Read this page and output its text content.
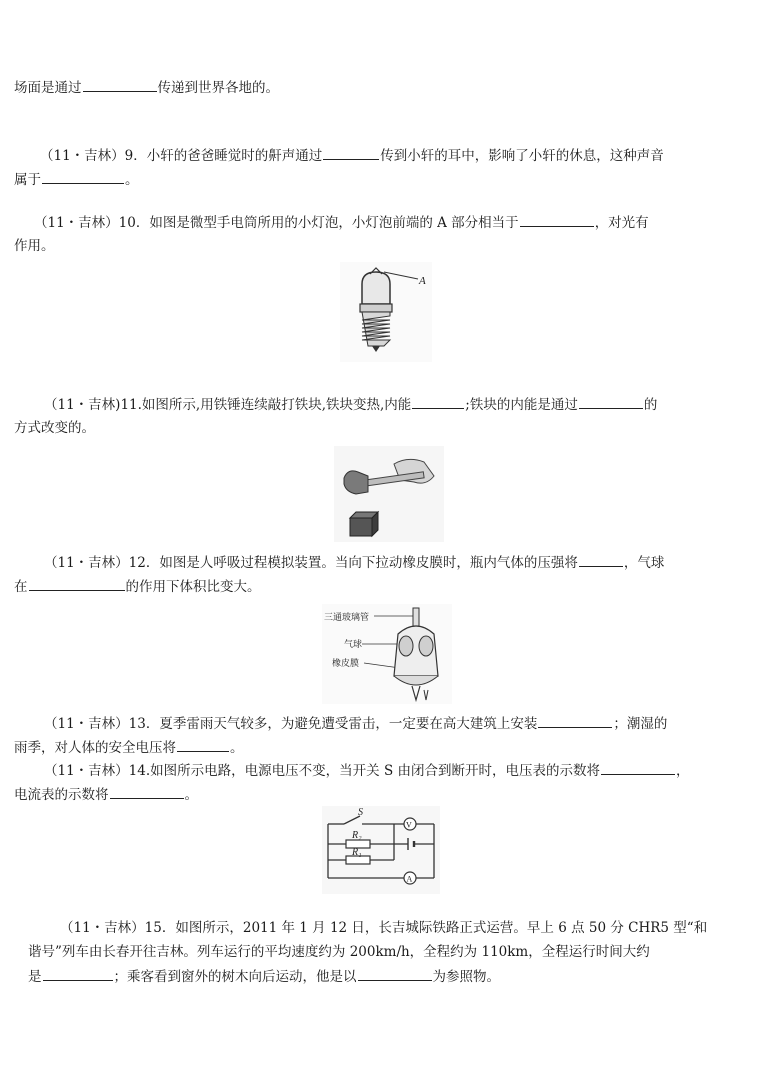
场面是通过	传递到世界各地的。
（11・吉林）9．小轩的爸爸睡觉时的鼾声通过	传到小轩的耳中，影响了小轩的休息，这种声音
属于	。
（11・吉林）10．如图是微型手电筒所用的小灯泡，小灯泡前端的 A 部分相当于	，对光有
作用。
A
（11・吉林)11.如图所示,用铁锤连续敲打铁块,铁块变热,内能	;铁块的内能是通过	的
方式改变的。
（11・吉林）12．如图是人呼吸过程模拟装置。当向下拉动橡皮膜时，瓶内气体的压强将	，气球
在	的作用下体积比变大。
三通玻璃管
气球
橡皮膜
（11・吉林）13．夏季雷雨天气较多，为避免遭受雷击，一定要在高大建筑上安装	；潮湿的
雨季，对人体的安全电压将	。
（11・吉林）14.如图所示电路，电源电压不变，当开关 S 由闭合到断开时，电压表的示数将	，
电流表的示数将	。
S
V
R₂
R₁
A
（11・吉林）15．如图所示，2011 年 1 月 12 日，长吉城际铁路正式运营。早上 6 点 50 分 CHR5 型“和
谐号”列车由长春开往吉林。列车运行的平均速度约为 200km/h，全程约为 110km，全程运行时间大约
是	；乘客看到窗外的树木向后运动，他是以	为参照物。
